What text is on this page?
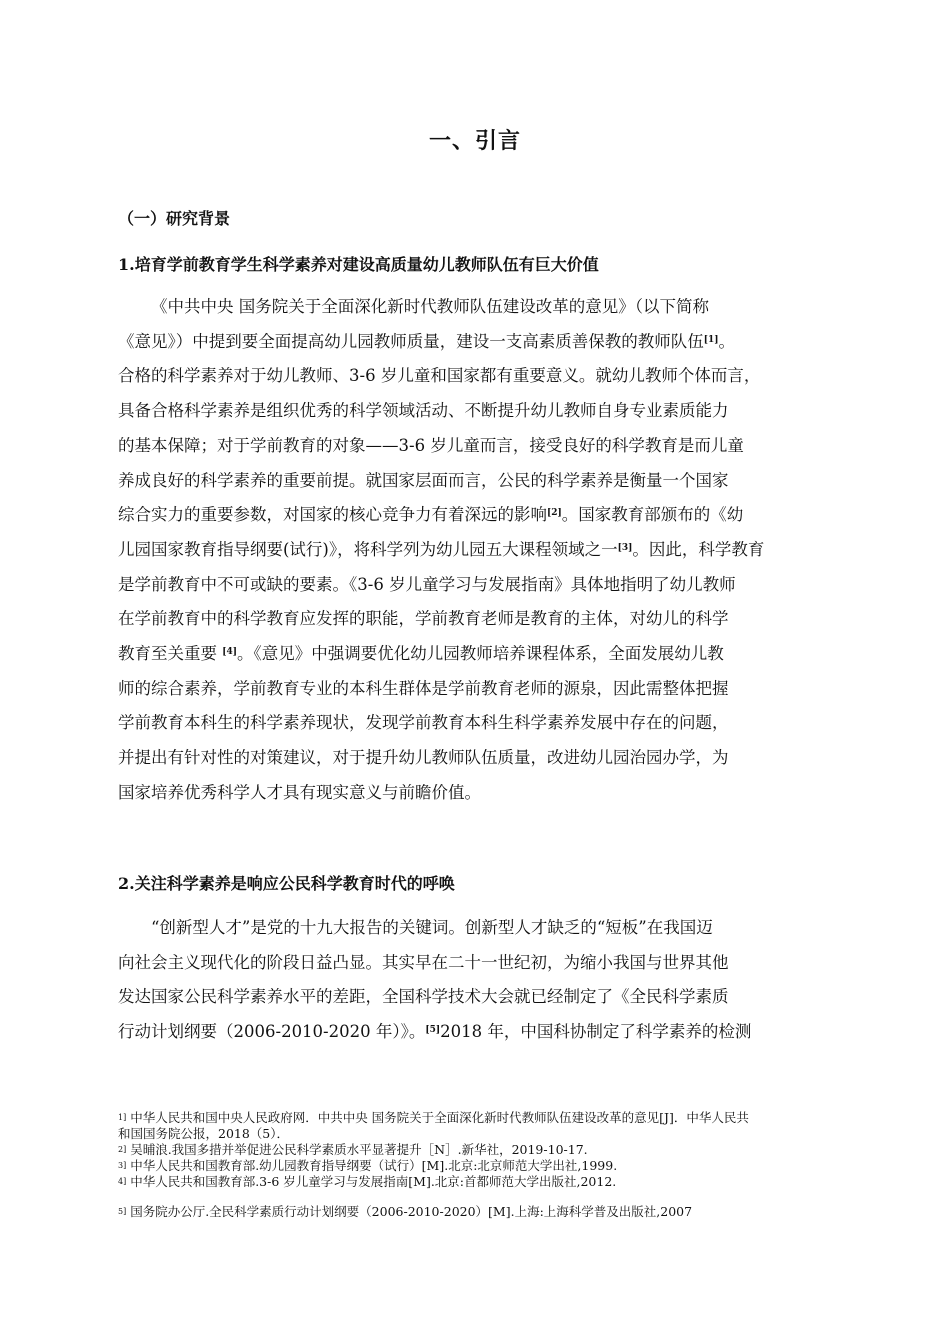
一、引言
（一）研究背景
1.培育学前教育学生科学素养对建设高质量幼儿教师队伍有巨大价值
《中共中央 国务院关于全面深化新时代教师队伍建设改革的意见》（以下简称
《意见》）中提到要全面提高幼儿园教师质量，建设一支高素质善保教的教师队伍[1]。
合格的科学素养对于幼儿教师、3-6 岁儿童和国家都有重要意义。就幼儿教师个体而言，
具备合格科学素养是组织优秀的科学领域活动、不断提升幼儿教师自身专业素质能力
的基本保障；对于学前教育的对象——3-6 岁儿童而言，接受良好的科学教育是而儿童
养成良好的科学素养的重要前提。就国家层面而言，公民的科学素养是衡量一个国家
综合实力的重要参数，对国家的核心竞争力有着深远的影响[2]。国家教育部颁布的《幼
儿园国家教育指导纲要(试行)》，将科学列为幼儿园五大课程领域之一[3]。因此，科学教育
是学前教育中不可或缺的要素。《3-6 岁儿童学习与发展指南》具体地指明了幼儿教师
在学前教育中的科学教育应发挥的职能，学前教育老师是教育的主体，对幼儿的科学
教育至关重要 [4]。《意见》中强调要优化幼儿园教师培养课程体系，全面发展幼儿教
师的综合素养，学前教育专业的本科生群体是学前教育老师的源泉，因此需整体把握
学前教育本科生的科学素养现状，发现学前教育本科生科学素养发展中存在的问题，
并提出有针对性的对策建议，对于提升幼儿教师队伍质量，改进幼儿园治园办学，为
国家培养优秀科学人才具有现实意义与前瞻价值。
2.关注科学素养是响应公民科学教育时代的呼唤
“创新型人才”是党的十九大报告的关键词。创新型人才缺乏的“短板”在我国迈
向社会主义现代化的阶段日益凸显。其实早在二十一世纪初，为缩小我国与世界其他
发达国家公民科学素养水平的差距，全国科学技术大会就已经制定了《全民科学素质
行动计划纲要（2006-2010-2020 年）》。[5]2018 年，中国科协制定了科学素养的检测
$^{1]}$ 中华人民共和国中央人民政府网．中共中央 国务院关于全面深化新时代教师队伍建设改革的意见[J]．中华人民共
和国国务院公报，2018（5）．
$^{2]}$ 吴晡浪.我国多措并举促进公民科学素质水平显著提升［N］.新华社，2019-10-17.
$^{3]}$ 中华人民共和国教育部.幼儿园教育指导纲要（试行）[M].北京:北京师范大学出社,1999.
$^{4]}$ 中华人民共和国教育部.3-6 岁儿童学习与发展指南[M].北京:首都师范大学出版社,2012.
$^{5]}$ 国务院办公厅.全民科学素质行动计划纲要（2006-2010-2020）[M].上海:上海科学普及出版社,2007
